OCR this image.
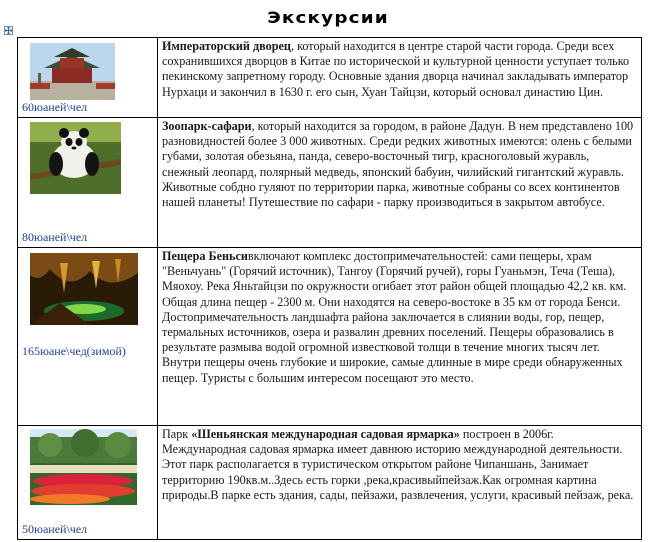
Экскурсии
60юаней\чел	Императорский дворец, который находится в центре старой части города. Среди всех сохранившихся дворцов в Китае по исторической и культурной ценности уступает только пекинскому запретному городу. Основные здания дворца начинал закладывать император Нурхаци и закончил в 1630 г. его сын, Хуан Тайцзи, который основал династию Цин.

80юаней\чел	Зоопарк-сафари, который находится за городом, в районе Дадун. В нем представлено 100 разновидностей более 3 000 животных. Среди редких животных имеются: олень с белыми губами, золотая обезьяна, панда, северо-восточный тигр, красноголовый журавль, снежный леопард, полярный медведь, японский бабуин, чилийский гигантский журавль. Животные собдно гуляют по территории парка, животные собраны со всех континентов нашей планеты! Путешествие по сафари - парку производиться в закрытом автобусе.

165юане\чед(зимой)	Пещера Беньсивключают комплекс достопримечательностей: сами пещеры, храм "Веньчуань" (Горячий источник), Тангоу (Горячий ручей), горы Гуаньмэн, Теча (Теша), Мяохоу. Река Яньтайцзи по окружности огибает этот район общей площадью 42,2 кв. км. Общая длина пещер - 2300 м. Они находятся на северо-востоке в 35 км от города Бенси. Достопримечательность ландшафта района заключается в слиянии воды, гор, пещер, термальных источников, озера и развалин древних поселений. Пещеры образовались в результате размыва водой огромной известковой толщи в течение многих тысяч лет. Внутри пещеры очень глубокие и широкие, самые длинные в мире среди обнаруженных пещер. Туристы с большим интересом посещают это место.

50юаней\чел	Парк «Шеньянская международная садовая ярмарка» построен в 2006г. Международная садовая ярмарка имеет давнюю историю международной деятельности. Этот парк располагается в туристическом открытом районе Чипаншань, Занимает территорию 190кв.м..Здесь есть горки ,река,красивыйпейзаж.Как огромная картина природы.В парке есть здания, сады, пейзажи, развлечения, услуги, красивый пейзаж, река.
